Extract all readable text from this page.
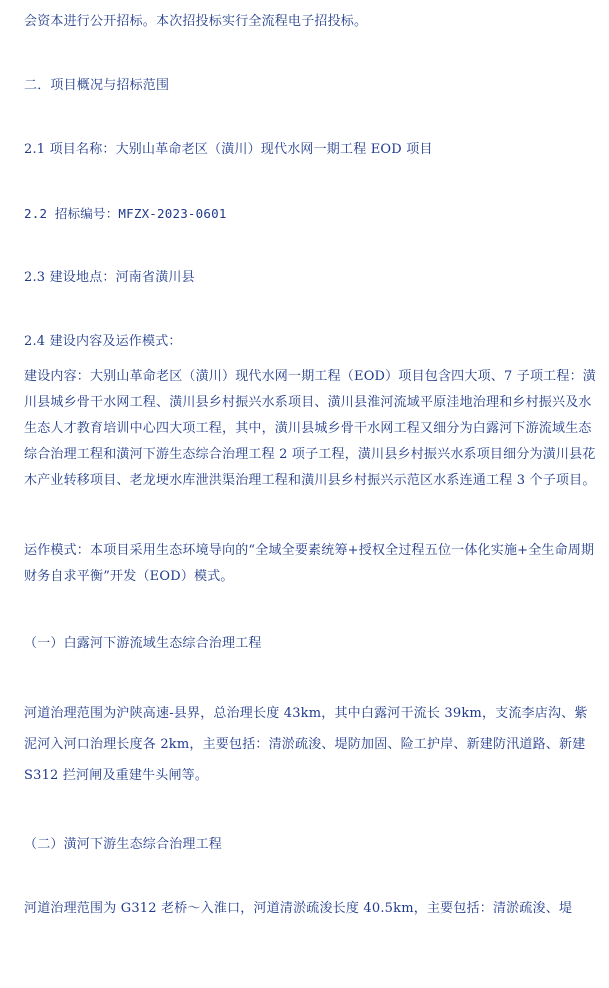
会资本进行公开招标。本次招投标实行全流程电子招投标。

二．项目概况与招标范围

2.1 项目名称：大别山革命老区（潢川）现代水网一期工程 EOD 项目

2.2 招标编号：MFZX-2023-0601

2.3 建设地点：河南省潢川县

2.4 建设内容及运作模式：

建设内容：大别山革命老区（潢川）现代水网一期工程（EOD）项目包含四大项、7 子项工程：潢川县城乡骨干水网工程、潢川县乡村振兴水系项目、潢川县淮河流域平原洼地治理和乡村振兴及水生态人才教育培训中心四大项工程，其中，潢川县城乡骨干水网工程又细分为白露河下游流域生态综合治理工程和潢河下游生态综合治理工程 2 项子工程，潢川县乡村振兴水系项目细分为潢川县花木产业转移项目、老龙埂水库泄洪渠治理工程和潢川县乡村振兴示范区水系连通工程 3 个子项目。

运作模式：本项目采用生态环境导向的“全域全要素统筹+授权全过程五位一体化实施+全生命周期财务自求平衡”开发（EOD）模式。

（一）白露河下游流域生态综合治理工程

河道治理范围为沪陕高速-县界，总治理长度 43km，其中白露河干流长 39km，支流李店沟、紫泥河入河口治理长度各 2km，主要包括：清淤疏浚、堤防加固、险工护岸、新建防汛道路、新建 S312 拦河闸及重建牛头闸等。

（二）潢河下游生态综合治理工程

河道治理范围为 G312 老桥～入淮口，河道清淤疏浚长度 40.5km，主要包括：清淤疏浚、堤
